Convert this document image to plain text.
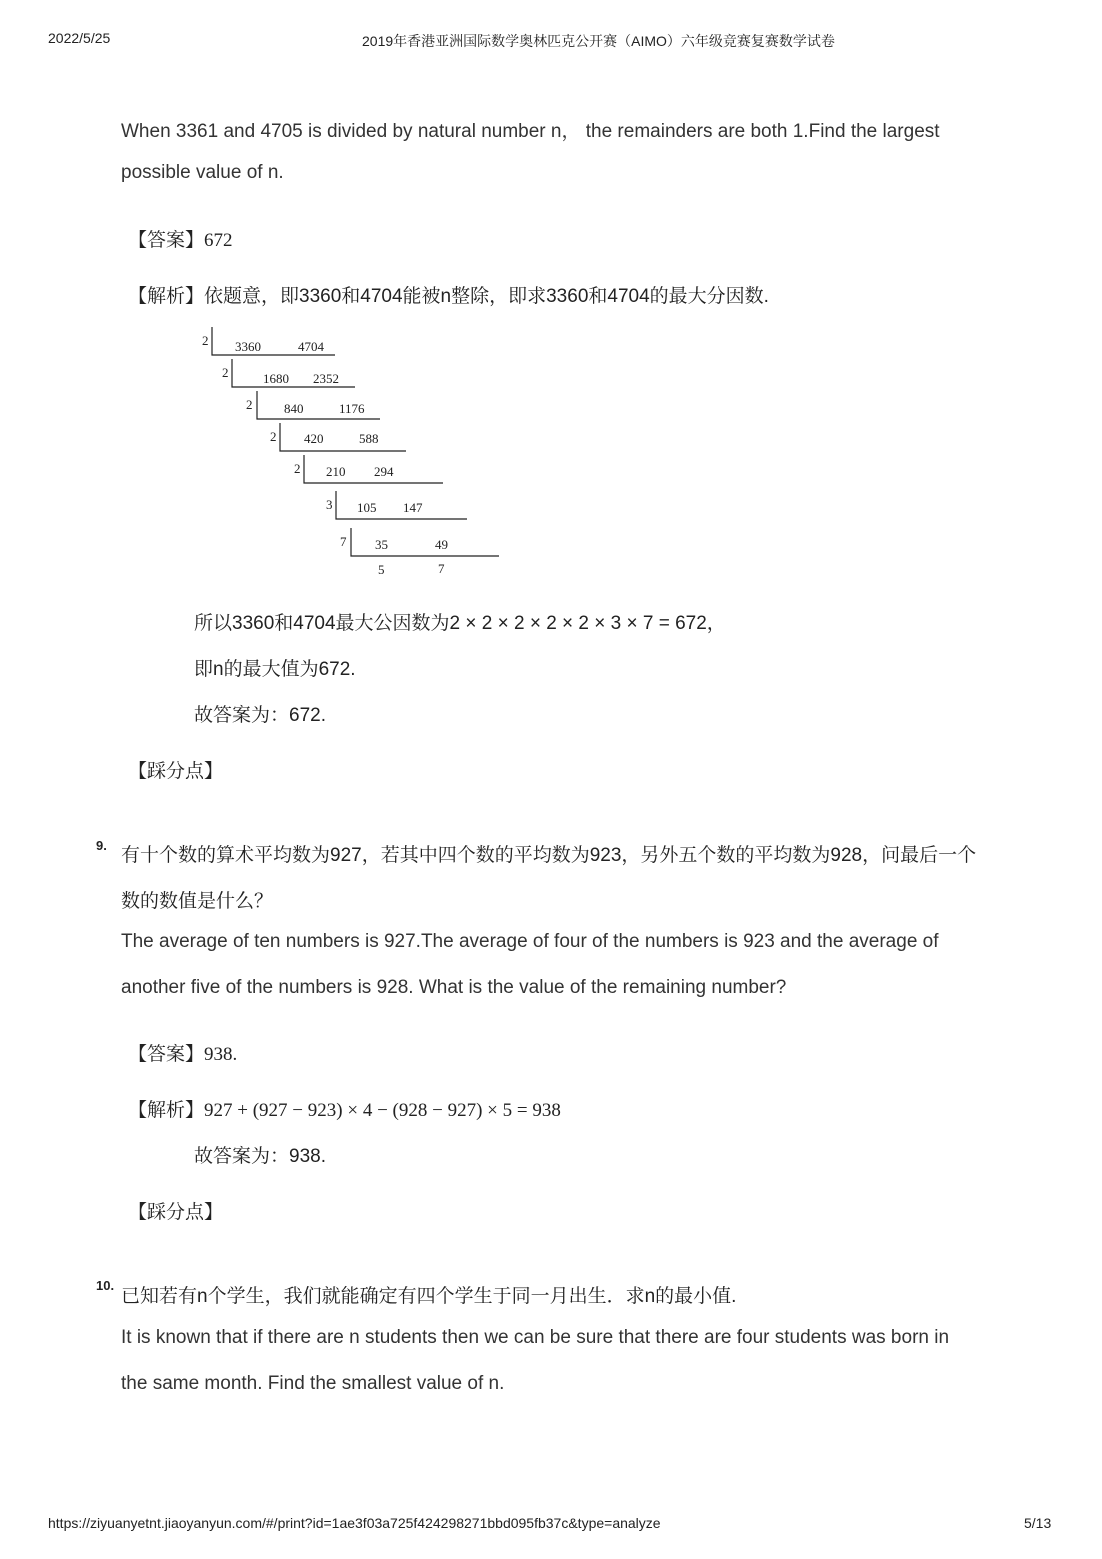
2022/5/25	2019年香港亚洲国际数学奥林匹克公开赛（AIMO）六年级竞赛复赛数学试卷
When 3361 and 4705 is divided by natural number n， the remainders are both 1.Find the largest
possible value of n.
【答案】672
【解析】依题意，即3360和4704能被n整除，即求3360和4704的最大分因数.
2 3360	4704
2	1680 2352
2 840	1176
2 420	588
2 210 294
3 105 147
7 35	49
5	7
所以3360和4704最大公因数为2 × 2 × 2 × 2 × 2 × 3 × 7 = 672，
即n的最大值为672.
故答案为：672.
【踩分点】
9. 有十个数的算术平均数为927，若其中四个数的平均数为923，另外五个数的平均数为928，问最后一个
数的数值是什么？
The average of ten numbers is 927.The average of four of the numbers is 923 and the average of
another five of the numbers is 928. What is the value of the remaining number?
【答案】938.
【解析】927 + (927 − 923) × 4 − (928 − 927) × 5 = 938
故答案为：938.
【踩分点】
10.
已知若有n个学生，我们就能确定有四个学生于同一月出生．求n的最小值.
It is known that if there are n students then we can be sure that there are four students was born in
the same month. Find the smallest value of n.
https://ziyuanyetnt.jiaoyanyun.com/#/print?id=1ae3f03a725f424298271bbd095fb37c&type=analyze	5/13
